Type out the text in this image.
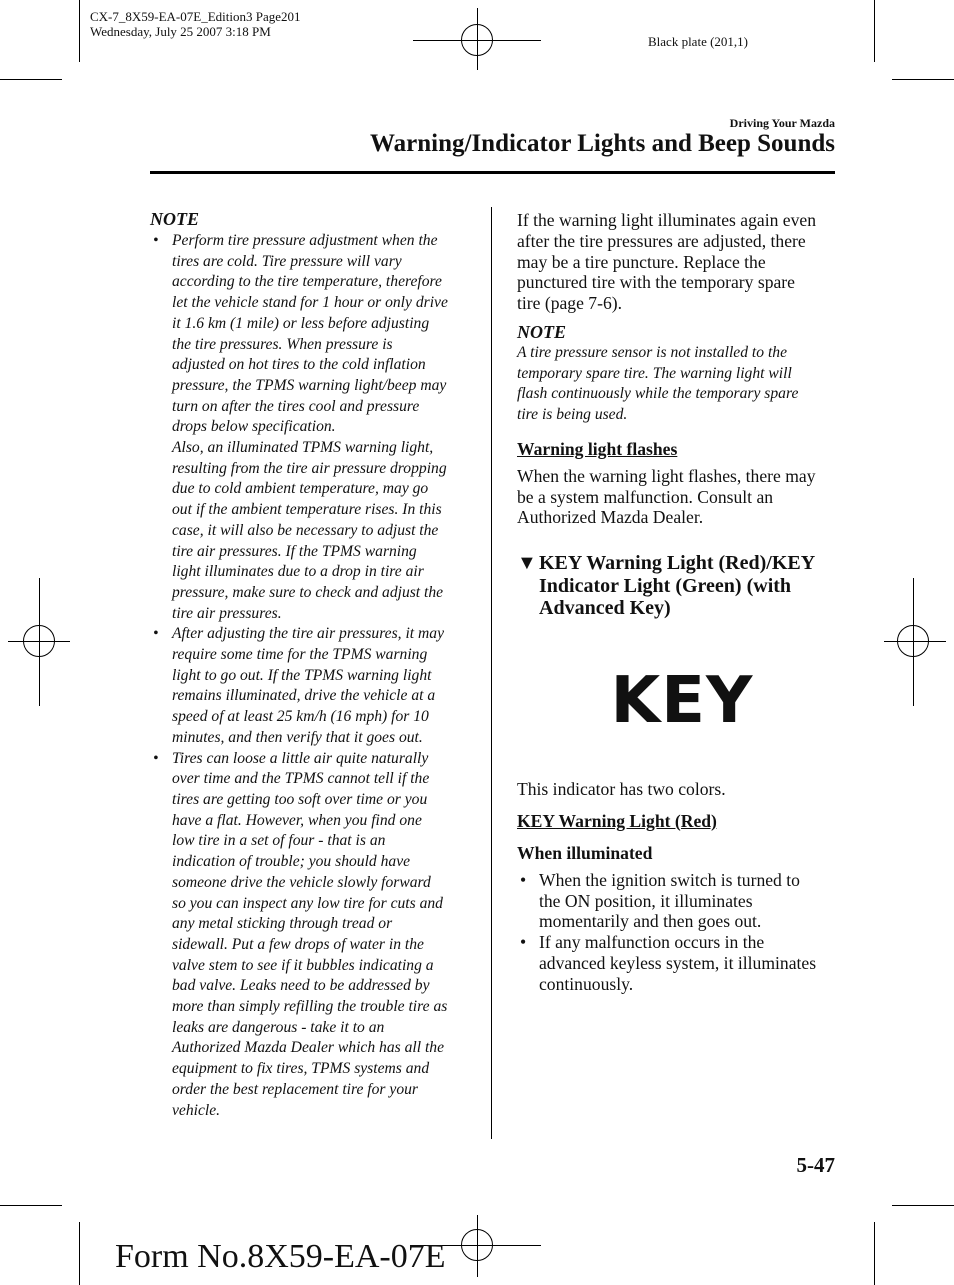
CX-7_8X59-EA-07E_Edition3 Page201
Wednesday, July 25 2007 3:18 PM
Black plate (201,1)
Driving Your Mazda
Warning/Indicator Lights and Beep Sounds
NOTE
• Perform tire pressure adjustment when the
tires are cold. Tire pressure will vary
according to the tire temperature, therefore
let the vehicle stand for 1 hour or only drive
it 1.6 km (1 mile) or less before adjusting
the tire pressures. When pressure is
adjusted on hot tires to the cold inflation
pressure, the TPMS warning light/beep may
turn on after the tires cool and pressure
drops below specification.
Also, an illuminated TPMS warning light,
resulting from the tire air pressure dropping
due to cold ambient temperature, may go
out if the ambient temperature rises. In this
case, it will also be necessary to adjust the
tire air pressures. If the TPMS warning
light illuminates due to a drop in tire air
pressure, make sure to check and adjust the
tire air pressures.
• After adjusting the tire air pressures, it may
require some time for the TPMS warning
light to go out. If the TPMS warning light
remains illuminated, drive the vehicle at a
speed of at least 25 km/h (16 mph) for 10
minutes, and then verify that it goes out.
• Tires can loose a little air quite naturally
over time and the TPMS cannot tell if the
tires are getting too soft over time or you
have a flat. However, when you find one
low tire in a set of four - that is an
indication of trouble; you should have
someone drive the vehicle slowly forward
so you can inspect any low tire for cuts and
any metal sticking through tread or
sidewall. Put a few drops of water in the
valve stem to see if it bubbles indicating a
bad valve. Leaks need to be addressed by
more than simply refilling the trouble tire as
leaks are dangerous - take it to an
Authorized Mazda Dealer which has all the
equipment to fix tires, TPMS systems and
order the best replacement tire for your
vehicle.
If the warning light illuminates again even
after the tire pressures are adjusted, there
may be a tire puncture. Replace the
punctured tire with the temporary spare
tire (page 7-6).
NOTE
A tire pressure sensor is not installed to the
temporary spare tire. The warning light will
flash continuously while the temporary spare
tire is being used.
Warning light flashes
When the warning light flashes, there may
be a system malfunction. Consult an
Authorized Mazda Dealer.
▼ KEY Warning Light (Red)/KEY
Indicator Light (Green) (with
Advanced Key)
KEY
This indicator has two colors.
KEY Warning Light (Red)
When illuminated
• When the ignition switch is turned to
the ON position, it illuminates
momentarily and then goes out.
• If any malfunction occurs in the
advanced keyless system, it illuminates
continuously.
5-47
Form No.8X59-EA-07E
